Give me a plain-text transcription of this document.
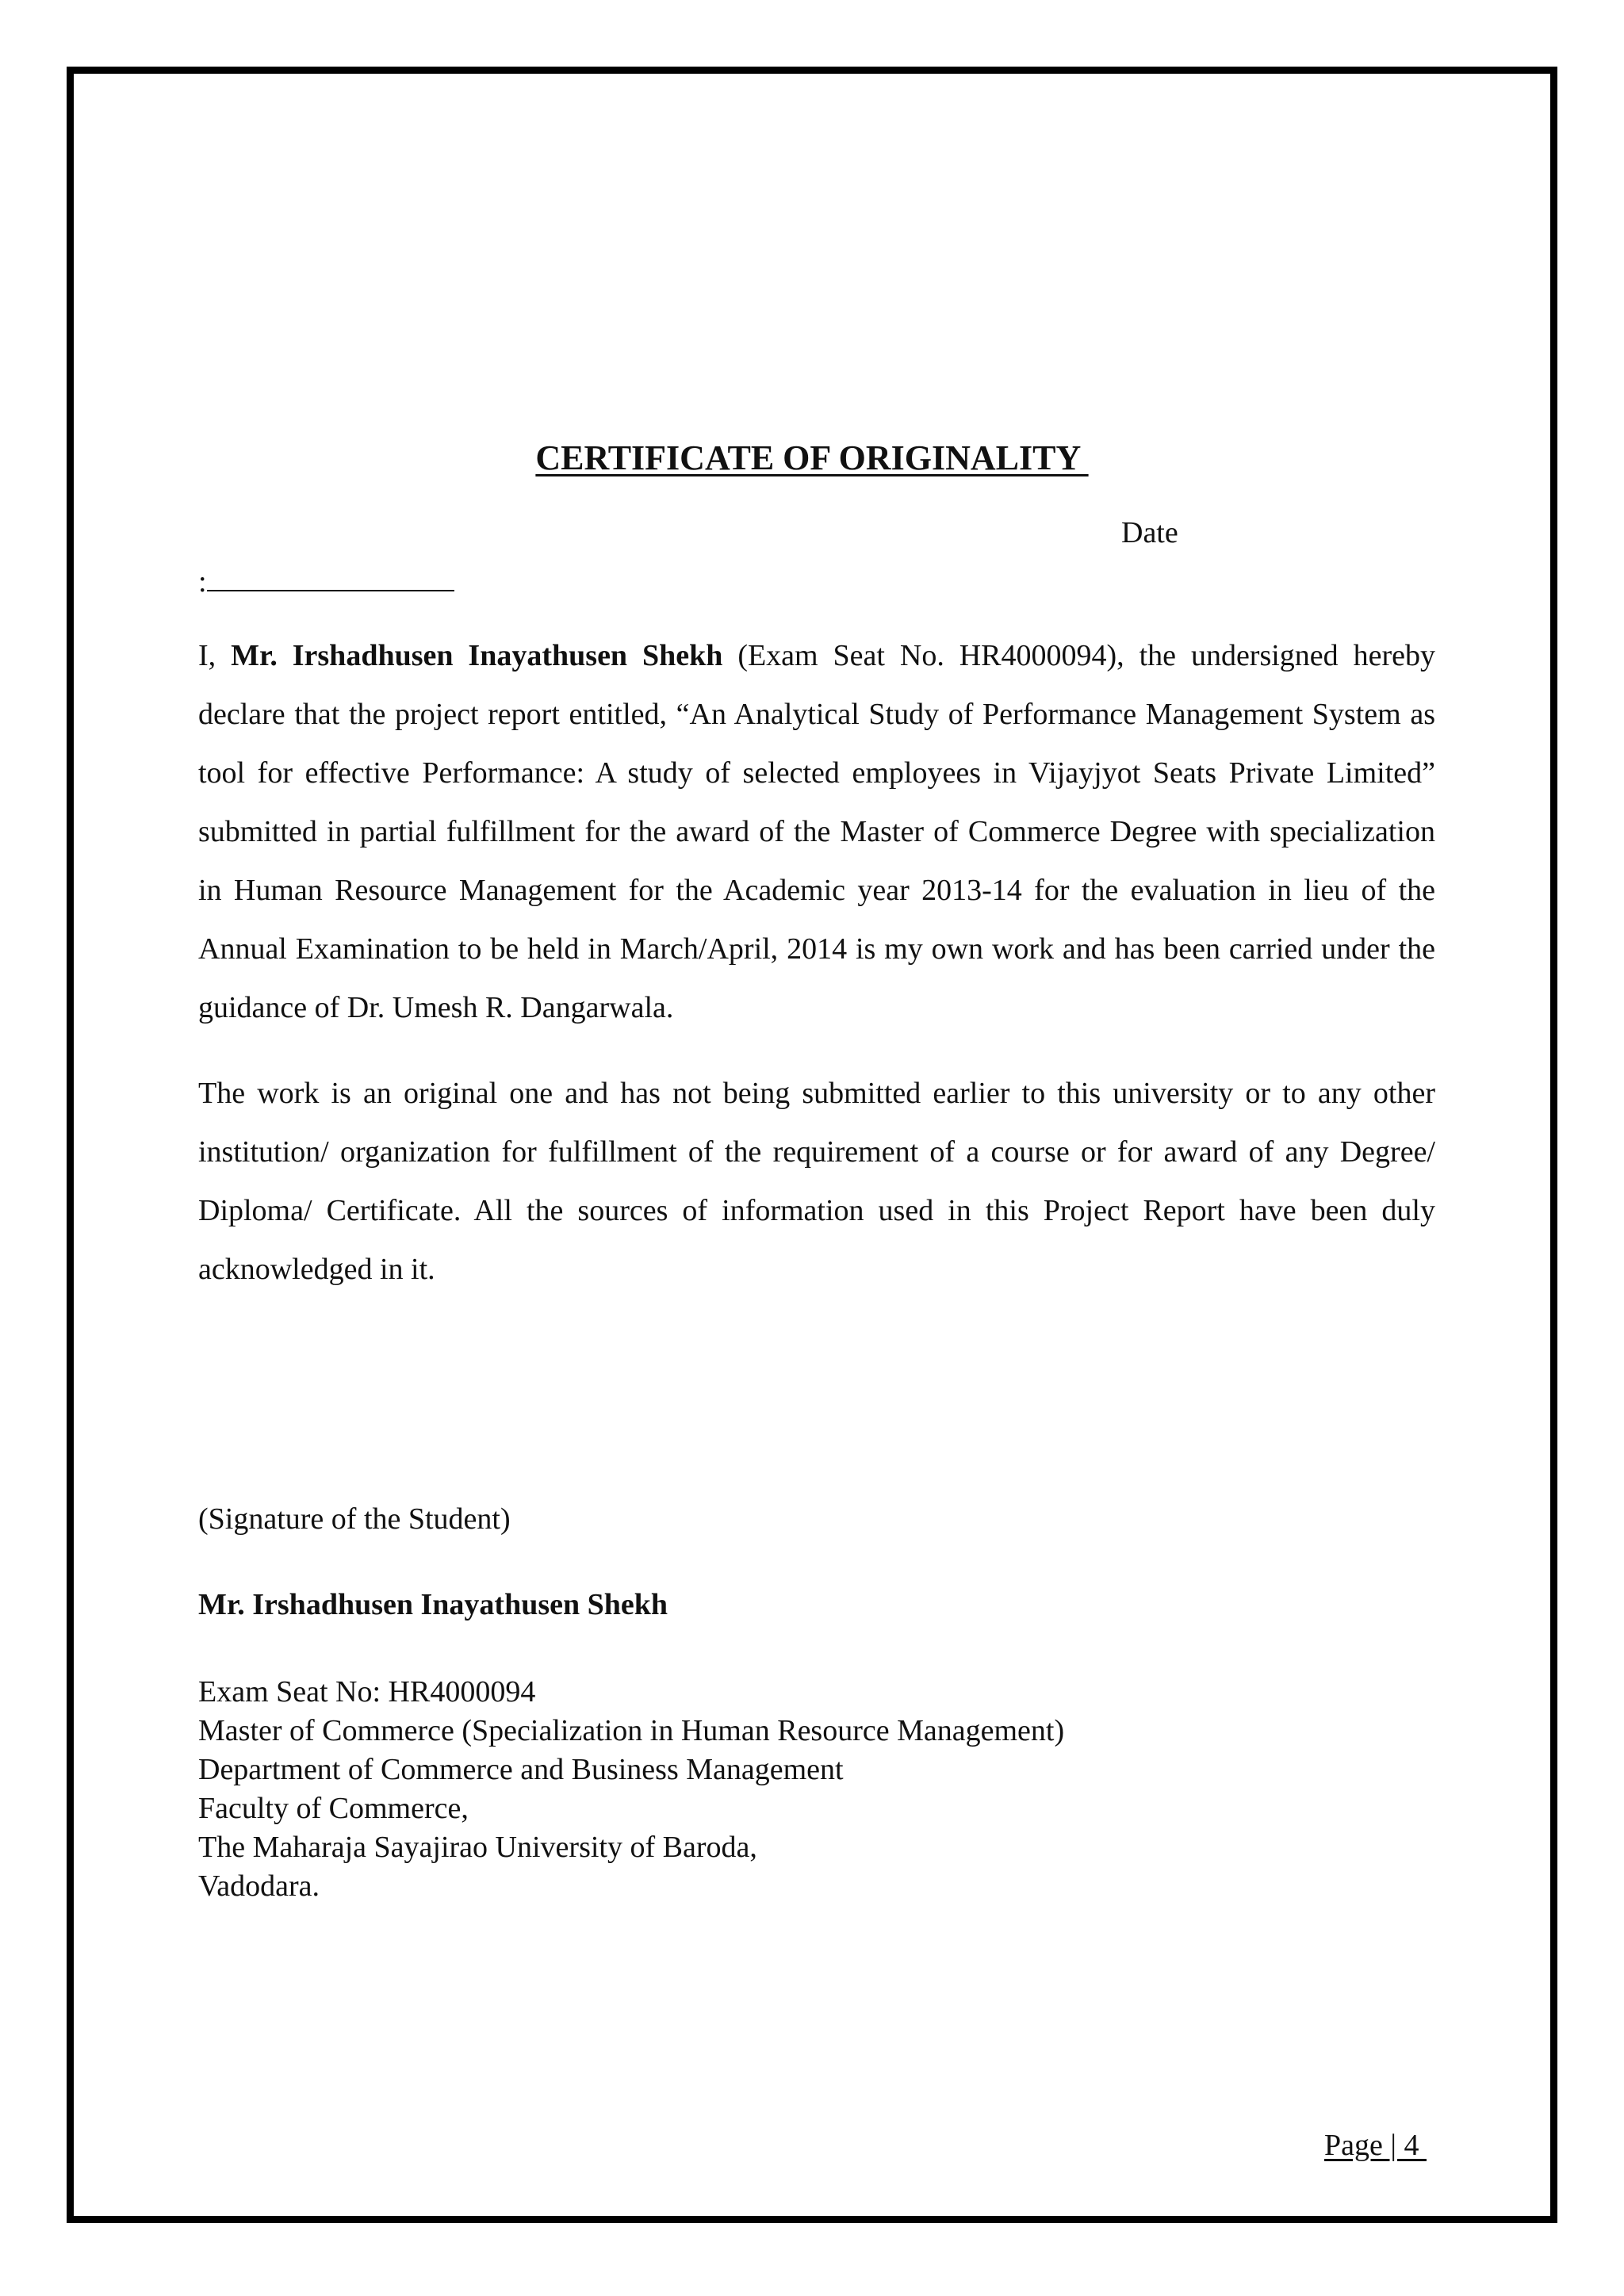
CERTIFICATE OF ORIGINALITY
Date
:

I, Mr. Irshadhusen Inayathusen Shekh (Exam Seat No. HR4000094), the undersigned hereby declare that the project report entitled, “An Analytical Study of Performance Management System as tool for effective Performance: A study of selected employees in Vijayjyot Seats Private Limited” submitted in partial fulfillment for the award of the Master of Commerce Degree with specialization in Human Resource Management for the Academic year 2013-14 for the evaluation in lieu of the Annual Examination to be held in March/April, 2014 is my own work and has been carried under the guidance of Dr. Umesh R. Dangarwala.

The work is an original one and has not being submitted earlier to this university or to any other institution/ organization for fulfillment of the requirement of a course or for award of any Degree/ Diploma/ Certificate. All the sources of information used in this Project Report have been duly acknowledged in it.

(Signature of the Student)
Mr. Irshadhusen Inayathusen Shekh
Exam Seat No: HR4000094
Master of Commerce (Specialization in Human Resource Management)
Department of Commerce and Business Management
Faculty of Commerce,
The Maharaja Sayajirao University of Baroda,
Vadodara.
Page | 4
